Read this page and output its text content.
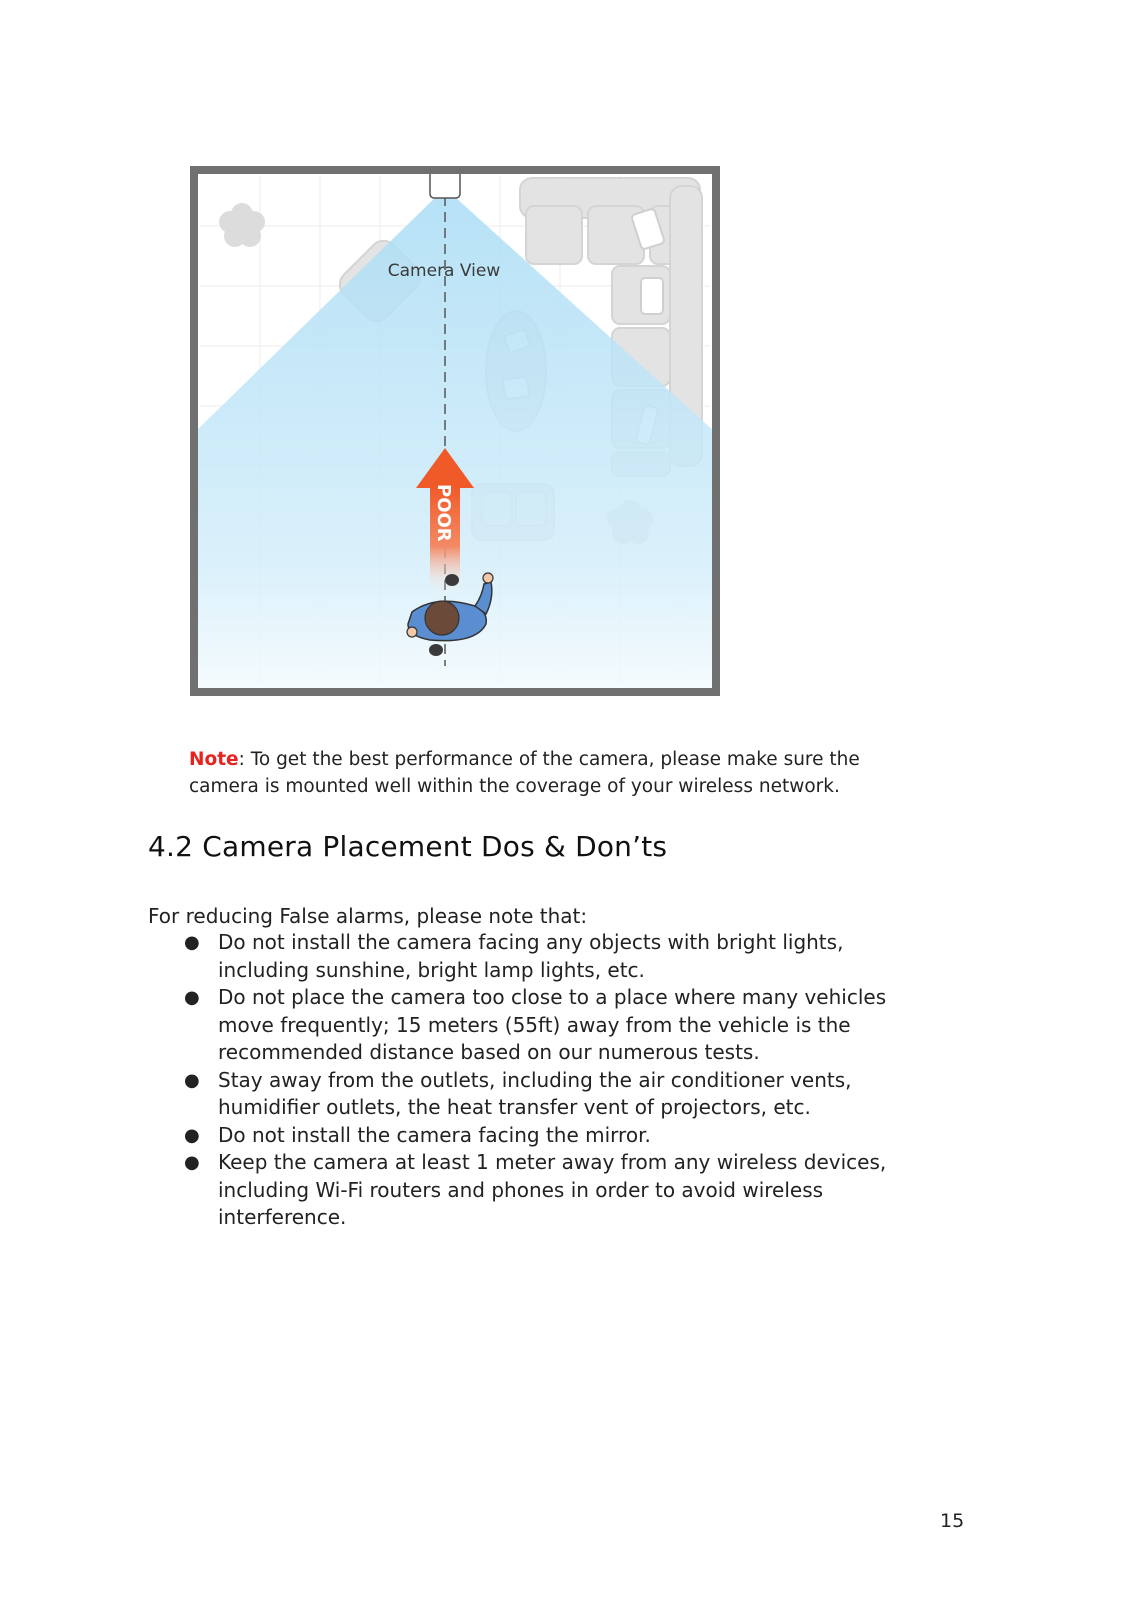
Camera View
POOR

Note: To get the best performance of the camera, please make sure the camera is mounted well within the coverage of your wireless network.

4.2 Camera Placement Dos & Don’ts

For reducing False alarms, please note that:

● Do not install the camera facing any objects with bright lights, including sunshine, bright lamp lights, etc.
● Do not place the camera too close to a place where many vehicles move frequently; 15 meters (55ft) away from the vehicle is the recommended distance based on our numerous tests.
● Stay away from the outlets, including the air conditioner vents, humidifier outlets, the heat transfer vent of projectors, etc.
● Do not install the camera facing the mirror.
● Keep the camera at least 1 meter away from any wireless devices, including Wi-Fi routers and phones in order to avoid wireless interference.
15
